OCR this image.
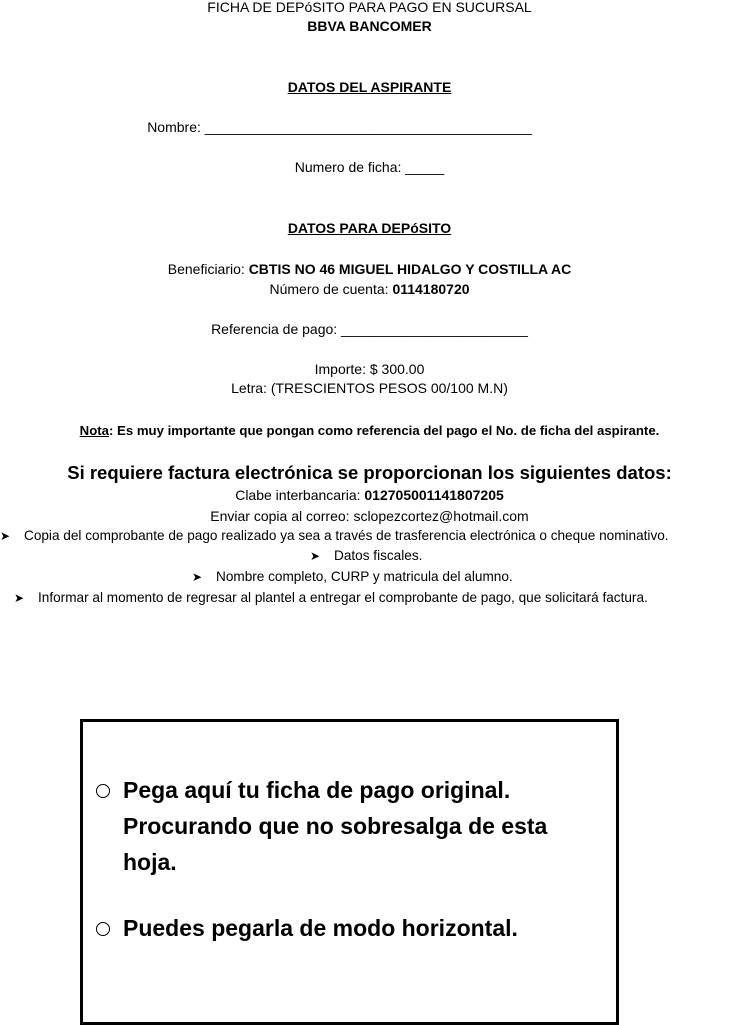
FICHA DE DEPóSITO PARA PAGO EN SUCURSAL
BBVA BANCOMER
DATOS DEL ASPIRANTE
Nombre: __________________________________________
Numero de ficha: _____
DATOS PARA DEPóSITO
Beneficiario: CBTIS NO 46 MIGUEL HIDALGO Y COSTILLA AC
Número de cuenta: 0114180720
Referencia de pago: ________________________
Importe: $ 300.00
Letra: (TRESCIENTOS PESOS 00/100 M.N)
Nota: Es muy importante que pongan como referencia del pago el No. de ficha del aspirante.
Si requiere factura electrónica se proporcionan los siguientes datos:
Clabe interbancaria: 012705001141807205
Enviar copia al correo: sclopezcortez@hotmail.com
➤ Copia del comprobante de pago realizado ya sea a través de trasferencia electrónica o cheque nominativo.
➤ Datos fiscales.
➤ Nombre completo, CURP y matricula del alumno.
➤ Informar al momento de regresar al plantel a entregar el comprobante de pago, que solicitará factura.
Pega aquí tu ficha de pago original.
Procurando que no sobresalga de esta
hoja.
Puedes pegarla de modo horizontal.
